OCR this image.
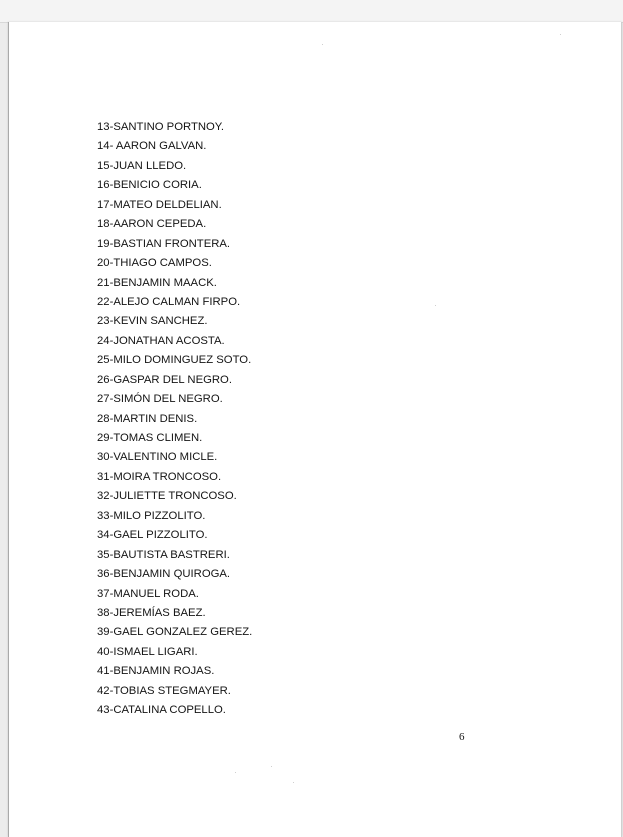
13-SANTINO PORTNOY.
14- AARON GALVAN.
15-JUAN LLEDO.
16-BENICIO CORIA.
17-MATEO DELDELIAN.
18-AARON CEPEDA.
19-BASTIAN FRONTERA.
20-THIAGO CAMPOS.
21-BENJAMIN MAACK.
22-ALEJO CALMAN FIRPO.
23-KEVIN SANCHEZ.
24-JONATHAN ACOSTA.
25-MILO DOMINGUEZ SOTO.
26-GASPAR DEL NEGRO.
27-SIMÓN DEL NEGRO.
28-MARTIN DENIS.
29-TOMAS CLIMEN.
30-VALENTINO MICLE.
31-MOIRA TRONCOSO.
32-JULIETTE TRONCOSO.
33-MILO PIZZOLITO.
34-GAEL PIZZOLITO.
35-BAUTISTA BASTRERI.
36-BENJAMIN QUIROGA.
37-MANUEL RODA.
38-JEREMÍAS BAEZ.
39-GAEL GONZALEZ GEREZ.
40-ISMAEL LIGARI.
41-BENJAMIN ROJAS.
42-TOBIAS STEGMAYER.
43-CATALINA COPELLO.
6
